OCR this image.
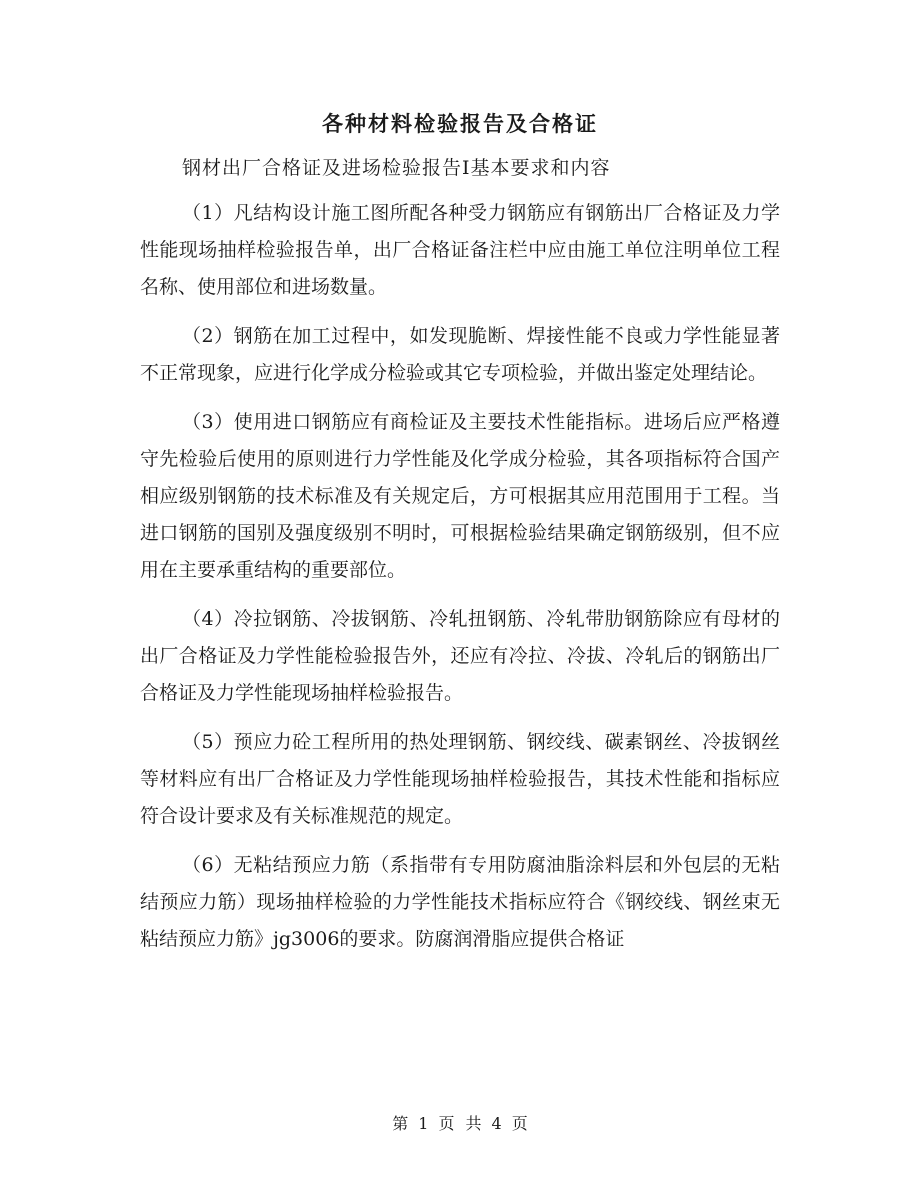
各种材料检验报告及合格证
钢材出厂合格证及进场检验报告Ⅰ基本要求和内容

（1）凡结构设计施工图所配各种受力钢筋应有钢筋出厂合格证及力学性能现场抽样检验报告单，出厂合格证备注栏中应由施工单位注明单位工程名称、使用部位和进场数量。

（2）钢筋在加工过程中，如发现脆断、焊接性能不良或力学性能显著不正常现象，应进行化学成分检验或其它专项检验，并做出鉴定处理结论。

（3）使用进口钢筋应有商检证及主要技术性能指标。进场后应严格遵守先检验后使用的原则进行力学性能及化学成分检验，其各项指标符合国产相应级别钢筋的技术标准及有关规定后，方可根据其应用范围用于工程。当进口钢筋的国别及强度级别不明时，可根据检验结果确定钢筋级别，但不应用在主要承重结构的重要部位。

（4）冷拉钢筋、冷拔钢筋、冷轧扭钢筋、冷轧带肋钢筋除应有母材的出厂合格证及力学性能检验报告外，还应有冷拉、冷拔、冷轧后的钢筋出厂合格证及力学性能现场抽样检验报告。

（5）预应力砼工程所用的热处理钢筋、钢绞线、碳素钢丝、冷拔钢丝等材料应有出厂合格证及力学性能现场抽样检验报告，其技术性能和指标应符合设计要求及有关标准规范的规定。

（6）无粘结预应力筋（系指带有专用防腐油脂涂料层和外包层的无粘结预应力筋）现场抽样检验的力学性能技术指标应符合《钢绞线、钢丝束无粘结预应力筋》jg3006的要求。防腐润滑脂应提供合格证

第 1 页 共 4 页
